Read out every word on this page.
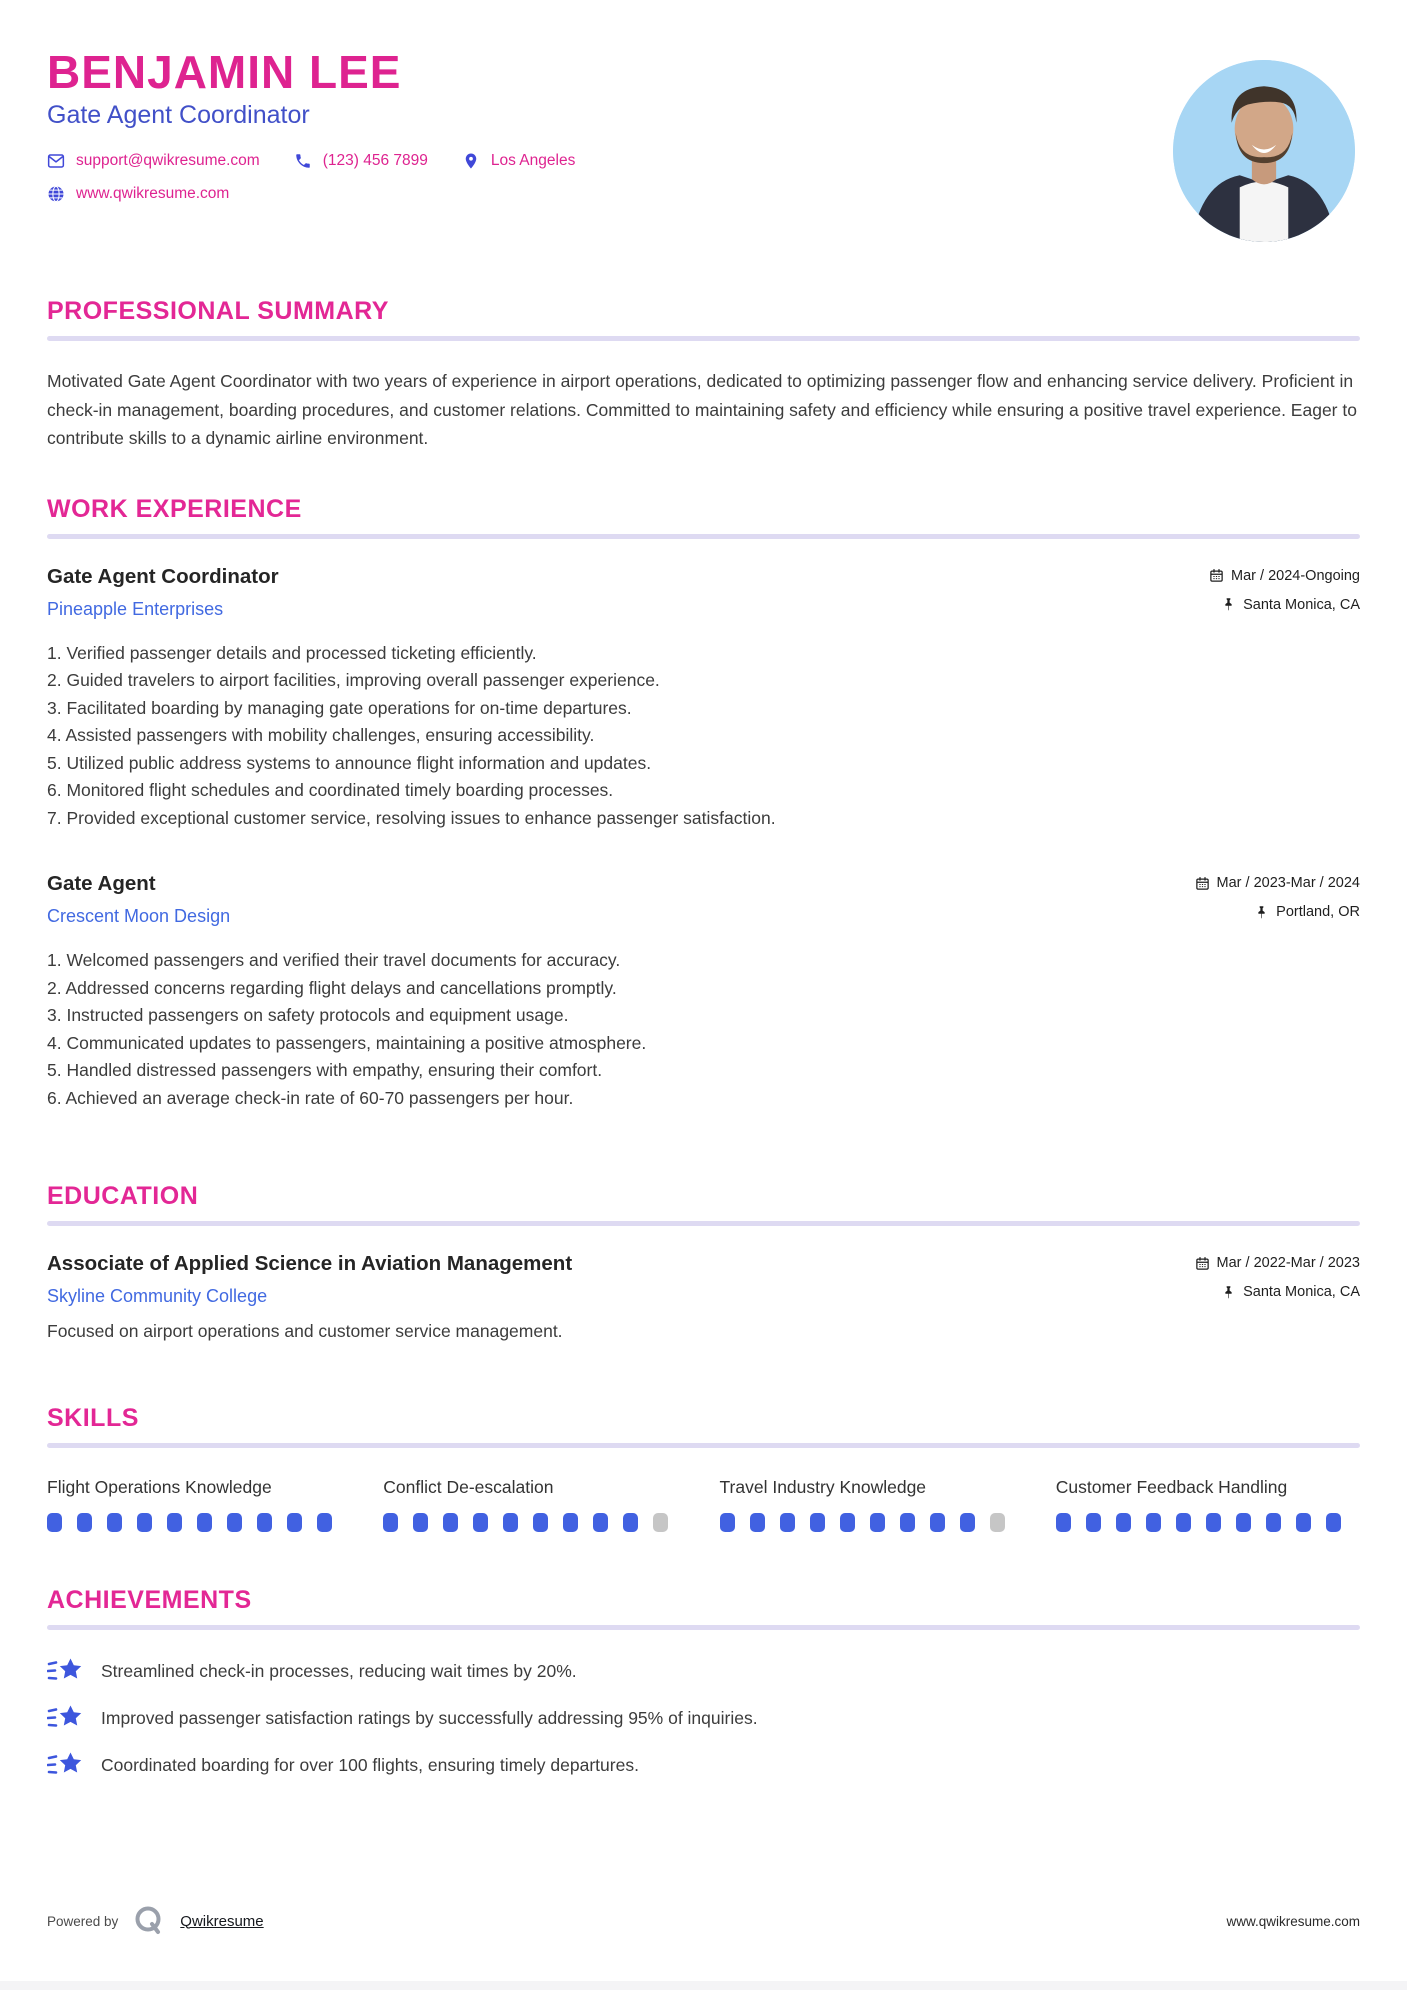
BENJAMIN LEE
Gate Agent Coordinator
support@qwikresume.com	(123) 456 7899	Los Angeles
www.qwikresume.com
PROFESSIONAL SUMMARY

Motivated Gate Agent Coordinator with two years of experience in airport operations, dedicated to optimizing passenger flow and enhancing service delivery. Proficient in check-in management, boarding procedures, and customer relations. Committed to maintaining safety and efficiency while ensuring a positive travel experience. Eager to contribute skills to a dynamic airline environment.

WORK EXPERIENCE
Gate Agent Coordinator
Pineapple Enterprises
Mar / 2024-Ongoing
Santa Monica, CA
1. Verified passenger details and processed ticketing efficiently.
2. Guided travelers to airport facilities, improving overall passenger experience.
3. Facilitated boarding by managing gate operations for on-time departures.
4. Assisted passengers with mobility challenges, ensuring accessibility.
5. Utilized public address systems to announce flight information and updates.
6. Monitored flight schedules and coordinated timely boarding processes.
7. Provided exceptional customer service, resolving issues to enhance passenger satisfaction.
Gate Agent
Crescent Moon Design
Mar / 2023-Mar / 2024
Portland, OR
1. Welcomed passengers and verified their travel documents for accuracy.
2. Addressed concerns regarding flight delays and cancellations promptly.
3. Instructed passengers on safety protocols and equipment usage.
4. Communicated updates to passengers, maintaining a positive atmosphere.
5. Handled distressed passengers with empathy, ensuring their comfort.
6. Achieved an average check-in rate of 60-70 passengers per hour.
EDUCATION
Associate of Applied Science in Aviation Management
Skyline Community College
Mar / 2022-Mar / 2023
Santa Monica, CA

Focused on airport operations and customer service management.

SKILLS
Flight Operations Knowledge	Conflict De-escalation	Travel Industry Knowledge	Customer Feedback Handling
ACHIEVEMENTS
Streamlined check-in processes, reducing wait times by 20%.
Improved passenger satisfaction ratings by successfully addressing 95% of inquiries.
Coordinated boarding for over 100 flights, ensuring timely departures.
Powered by	Qwikresume	www.qwikresume.com
